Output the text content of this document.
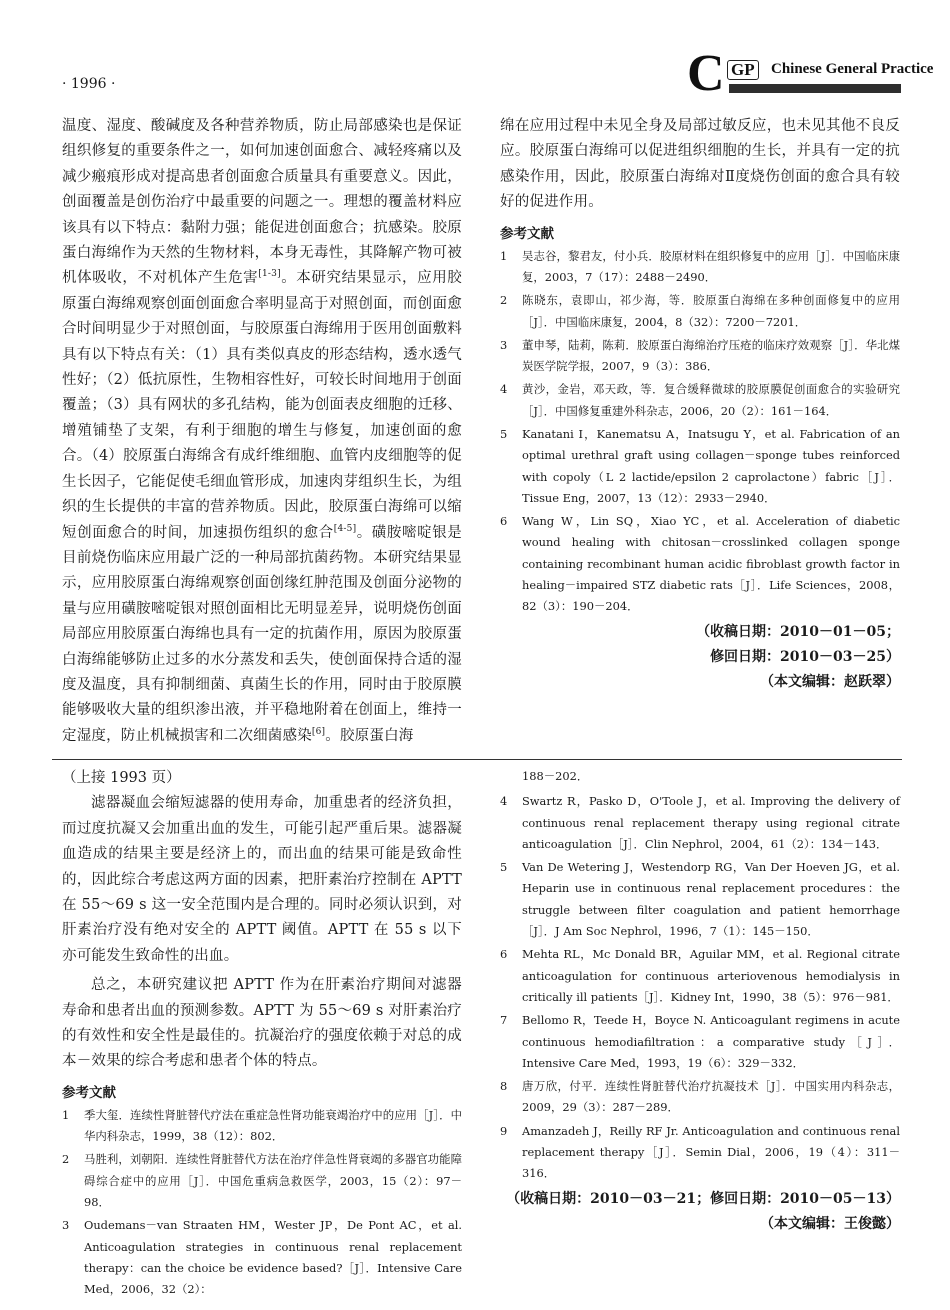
· 1996 ·	C GP Chinese General Practice

温度、湿度、酸碱度及各种营养物质，防止局部感染也是保证组织修复的重要条件之一，如何加速创面愈合、减轻疼痛以及减少瘢痕形成对提高患者创面愈合质量具有重要意义。因此，创面覆盖是创伤治疗中最重要的问题之一。理想的覆盖材料应该具有以下特点：黏附力强；能促进创面愈合；抗感染。胶原蛋白海绵作为天然的生物材料，本身无毒性，其降解产物可被机体吸收，不对机体产生危害[1-3]。本研究结果显示，应用胶原蛋白海绵观察创面创面愈合率明显高于对照创面，而创面愈合时间明显少于对照创面，与胶原蛋白海绵用于医用创面敷料具有以下特点有关：（1）具有类似真皮的形态结构，透水透气性好；（2）低抗原性，生物相容性好，可较长时间地用于创面覆盖；（3）具有网状的多孔结构，能为创面表皮细胞的迁移、增殖铺垫了支架，有利于细胞的增生与修复，加速创面的愈合。（4）胶原蛋白海绵含有成纤维细胞、血管内皮细胞等的促生长因子，它能促使毛细血管形成，加速肉芽组织生长，为组织的生长提供的丰富的营养物质。因此，胶原蛋白海绵可以缩短创面愈合的时间，加速损伤组织的愈合[4-5]。磺胺嘧啶银是目前烧伤临床应用最广泛的一种局部抗菌药物。本研究结果显示，应用胶原蛋白海绵观察创面创缘红肿范围及创面分泌物的量与应用磺胺嘧啶银对照创面相比无明显差异，说明烧伤创面局部应用胶原蛋白海绵也具有一定的抗菌作用，原因为胶原蛋白海绵能够防止过多的水分蒸发和丢失，使创面保持合适的湿度及温度，具有抑制细菌、真菌生长的作用，同时由于胶原膜能够吸收大量的组织渗出液，并平稳地附着在创面上，维持一定湿度，防止机械损害和二次细菌感染[6]。胶原蛋白海

绵在应用过程中未见全身及局部过敏反应，也未见其他不良反应。胶原蛋白海绵可以促进组织细胞的生长，并具有一定的抗感染作用，因此，胶原蛋白海绵对Ⅱ度烧伤创面的愈合具有较好的促进作用。

参考文献
1	吴志谷，黎君友，付小兵．胶原材料在组织修复中的应用［J］．中国临床康复，2003，7（17）：2488－2490．
2	陈晓东，袁即山，祁少海，等．胶原蛋白海绵在多种创面修复中的应用［J］．中国临床康复，2004，8（32）：7200－7201．
3	董申琴，陆莉，陈莉．胶原蛋白海绵治疗压疮的临床疗效观察［J］．华北煤炭医学院学报，2007，9（3）：386．
4	黄沙，金岩，邓天政，等．复合缓释微球的胶原膜促创面愈合的实验研究［J］．中国修复重建外科杂志，2006，20（2）：161－164．
5	Kanatani I，Kanematsu A，Inatsugu Y，et al. Fabrication of an optimal urethral graft using collagen－sponge tubes reinforced with copoly（L 2 lactide/epsilon 2 caprolactone）fabric［J］．Tissue Eng，2007，13（12）：2933－2940．
6	Wang W，Lin SQ，Xiao YC，et al. Acceleration of diabetic wound healing with chitosan－crosslinked collagen sponge containing recombinant human acidic fibroblast growth factor in healing－impaired STZ diabetic rats［J］．Life Sciences，2008，82（3）：190－204．

（收稿日期：2010－01－05；

修回日期：2010－03－25）

（本文编辑：赵跃翠）

（上接 1993 页）

滤器凝血会缩短滤器的使用寿命，加重患者的经济负担，而过度抗凝又会加重出血的发生，可能引起严重后果。滤器凝血造成的结果主要是经济上的，而出血的结果可能是致命性的，因此综合考虑这两方面的因素，把肝素治疗控制在 APTT 在 55～69 s 这一安全范围内是合理的。同时必须认识到，对肝素治疗没有绝对安全的 APTT 阈值。APTT 在 55 s 以下亦可能发生致命性的出血。

总之，本研究建议把 APTT 作为在肝素治疗期间对滤器寿命和患者出血的预测参数。APTT 为 55～69 s 对肝素治疗的有效性和安全性是最佳的。抗凝治疗的强度依赖于对总的成本－效果的综合考虑和患者个体的特点。

参考文献
1	季大玺．连续性肾脏替代疗法在重症急性肾功能衰竭治疗中的应用［J］．中华内科杂志，1999，38（12）：802．
2	马胜利，刘朝阳．连续性肾脏替代方法在治疗伴急性肾衰竭的多器官功能障碍综合症中的应用［J］．中国危重病急救医学，2003，15（2）：97－98．
3	Oudemans－van Straaten HM，Wester JP，De Pont AC，et al. Anticoagulation strategies in continuous renal replacement therapy：can the choice be evidence based?［J］．Intensive Care Med，2006，32（2）：
188－202．
4	Swartz R，Pasko D，O'Toole J，et al. Improving the delivery of continuous renal replacement therapy using regional citrate anticoagulation［J］．Clin Nephrol，2004，61（2）：134－143．
5	Van De Wetering J，Westendorp RG，Van Der Hoeven JG，et al. Heparin use in continuous renal replacement procedures：the struggle between filter coagulation and patient hemorrhage［J］．J Am Soc Nephrol，1996，7（1）：145－150．
6	Mehta RL，Mc Donald BR，Aguilar MM，et al. Regional citrate anticoagulation for continuous arteriovenous hemodialysis in critically ill patients［J］．Kidney Int，1990，38（5）：976－981．
7	Bellomo R，Teede H，Boyce N. Anticoagulant regimens in acute continuous hemodiafiltration：a comparative study［J］．Intensive Care Med，1993，19（6）：329－332．
8	唐万欣，付平．连续性肾脏替代治疗抗凝技术［J］．中国实用内科杂志，2009，29（3）：287－289．
9	Amanzadeh J，Reilly RF Jr. Anticoagulation and continuous renal replacement therapy［J］．Semin Dial，2006，19（4）：311－316．

（收稿日期：2010－03－21；修回日期：2010－05－13）

（本文编辑：王俊懿）
